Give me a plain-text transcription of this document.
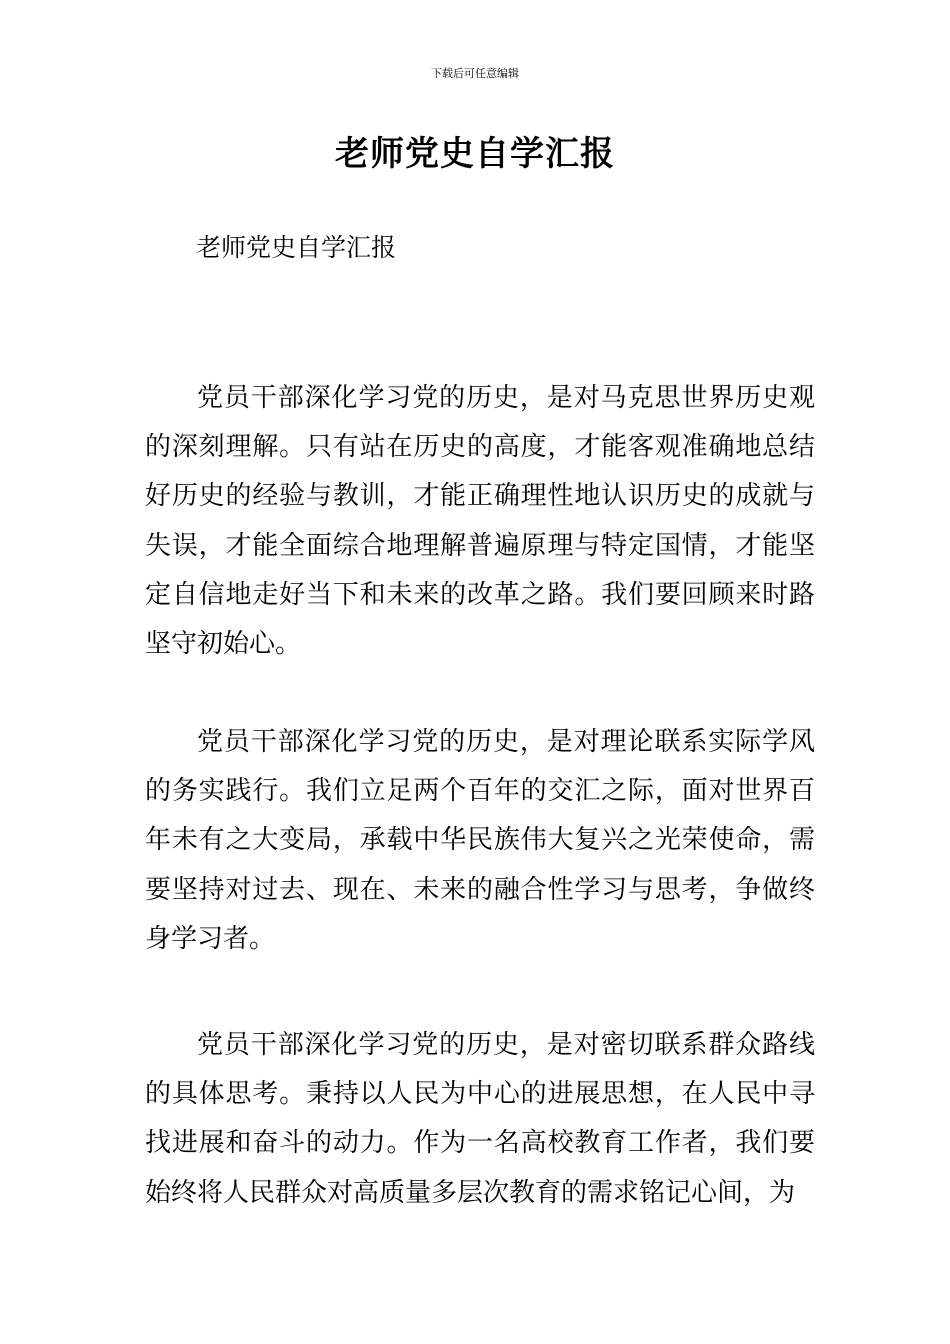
下载后可任意编辑
老师党史自学汇报
老师党史自学汇报

党员干部深化学习党的历史，是对马克思世界历史观的深刻理解。只有站在历史的高度，才能客观准确地总结好历史的经验与教训，才能正确理性地认识历史的成就与失误，才能全面综合地理解普遍原理与特定国情，才能坚定自信地走好当下和未来的改革之路。我们要回顾来时路坚守初始心。

党员干部深化学习党的历史，是对理论联系实际学风的务实践行。我们立足两个百年的交汇之际，面对世界百年未有之大变局，承载中华民族伟大复兴之光荣使命，需要坚持对过去、现在、未来的融合性学习与思考，争做终身学习者。

党员干部深化学习党的历史，是对密切联系群众路线的具体思考。秉持以人民为中心的进展思想，在人民中寻找进展和奋斗的动力。作为一名高校教育工作者，我们要始终将人民群众对高质量多层次教育的需求铭记心间，为
